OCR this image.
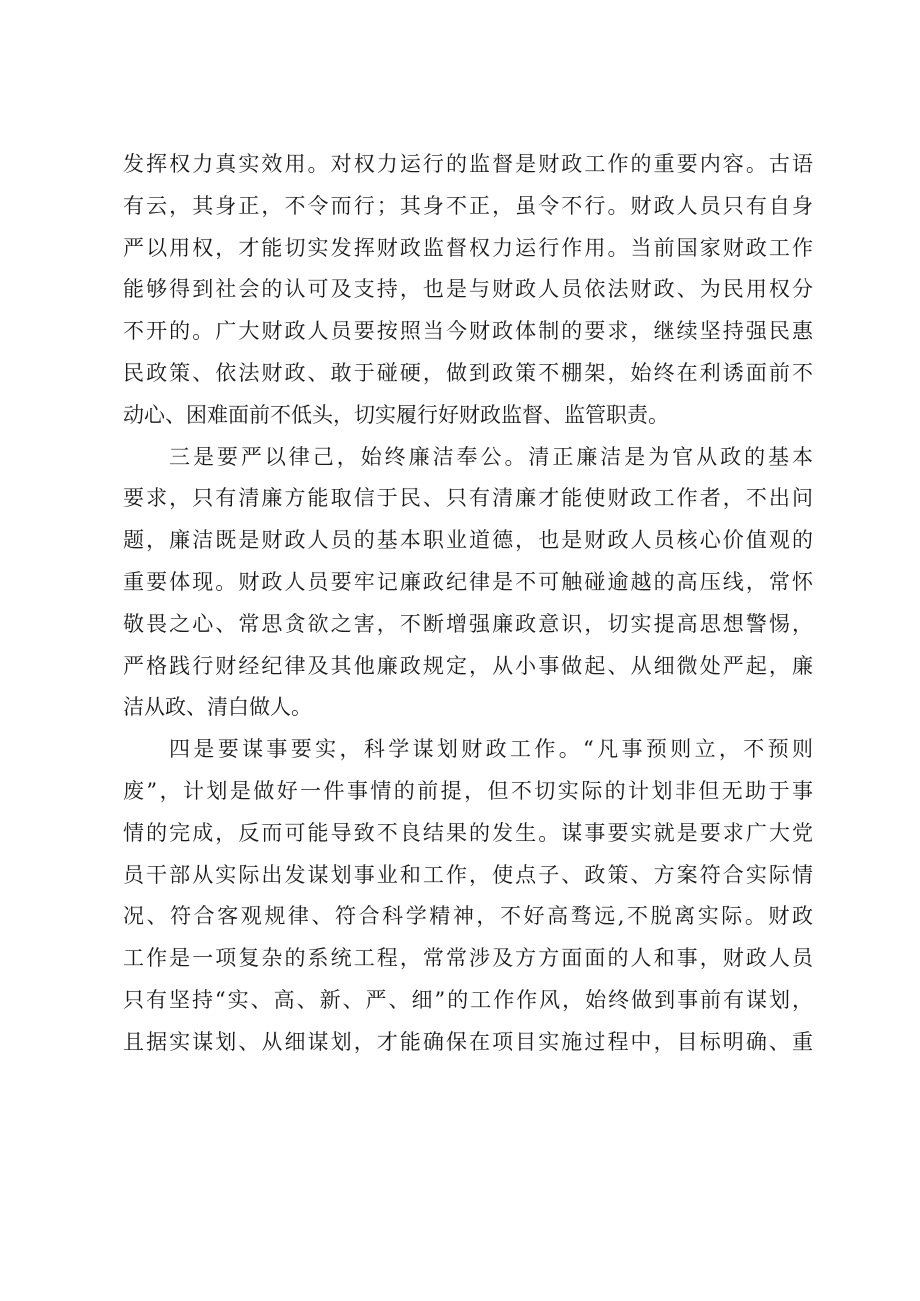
发挥权力真实效用。对权力运行的监督是财政工作的重要内容。古语
有云，其身正，不令而行；其身不正，虽令不行。财政人员只有自身
严以用权，才能切实发挥财政监督权力运行作用。当前国家财政工作
能够得到社会的认可及支持，也是与财政人员依法财政、为民用权分
不开的。广大财政人员要按照当今财政体制的要求，继续坚持强民惠
民政策、依法财政、敢于碰硬，做到政策不棚架，始终在利诱面前不
动心、困难面前不低头，切实履行好财政监督、监管职责。
三是要严以律己，始终廉洁奉公。清正廉洁是为官从政的基本
要求，只有清廉方能取信于民、只有清廉才能使财政工作者，不出问
题，廉洁既是财政人员的基本职业道德，也是财政人员核心价值观的
重要体现。财政人员要牢记廉政纪律是不可触碰逾越的高压线，常怀
敬畏之心、常思贪欲之害，不断增强廉政意识，切实提高思想警惕，
严格践行财经纪律及其他廉政规定，从小事做起、从细微处严起，廉
洁从政、清白做人。
四是要谋事要实，科学谋划财政工作。“凡事预则立，不预则
废”，计划是做好一件事情的前提，但不切实际的计划非但无助于事
情的完成，反而可能导致不良结果的发生。谋事要实就是要求广大党
员干部从实际出发谋划事业和工作，使点子、政策、方案符合实际情
况、符合客观规律、符合科学精神，不好高骛远,不脱离实际。财政
工作是一项复杂的系统工程，常常涉及方方面面的人和事，财政人员
只有坚持“实、高、新、严、细”的工作作风，始终做到事前有谋划，
且据实谋划、从细谋划，才能确保在项目实施过程中，目标明确、重
